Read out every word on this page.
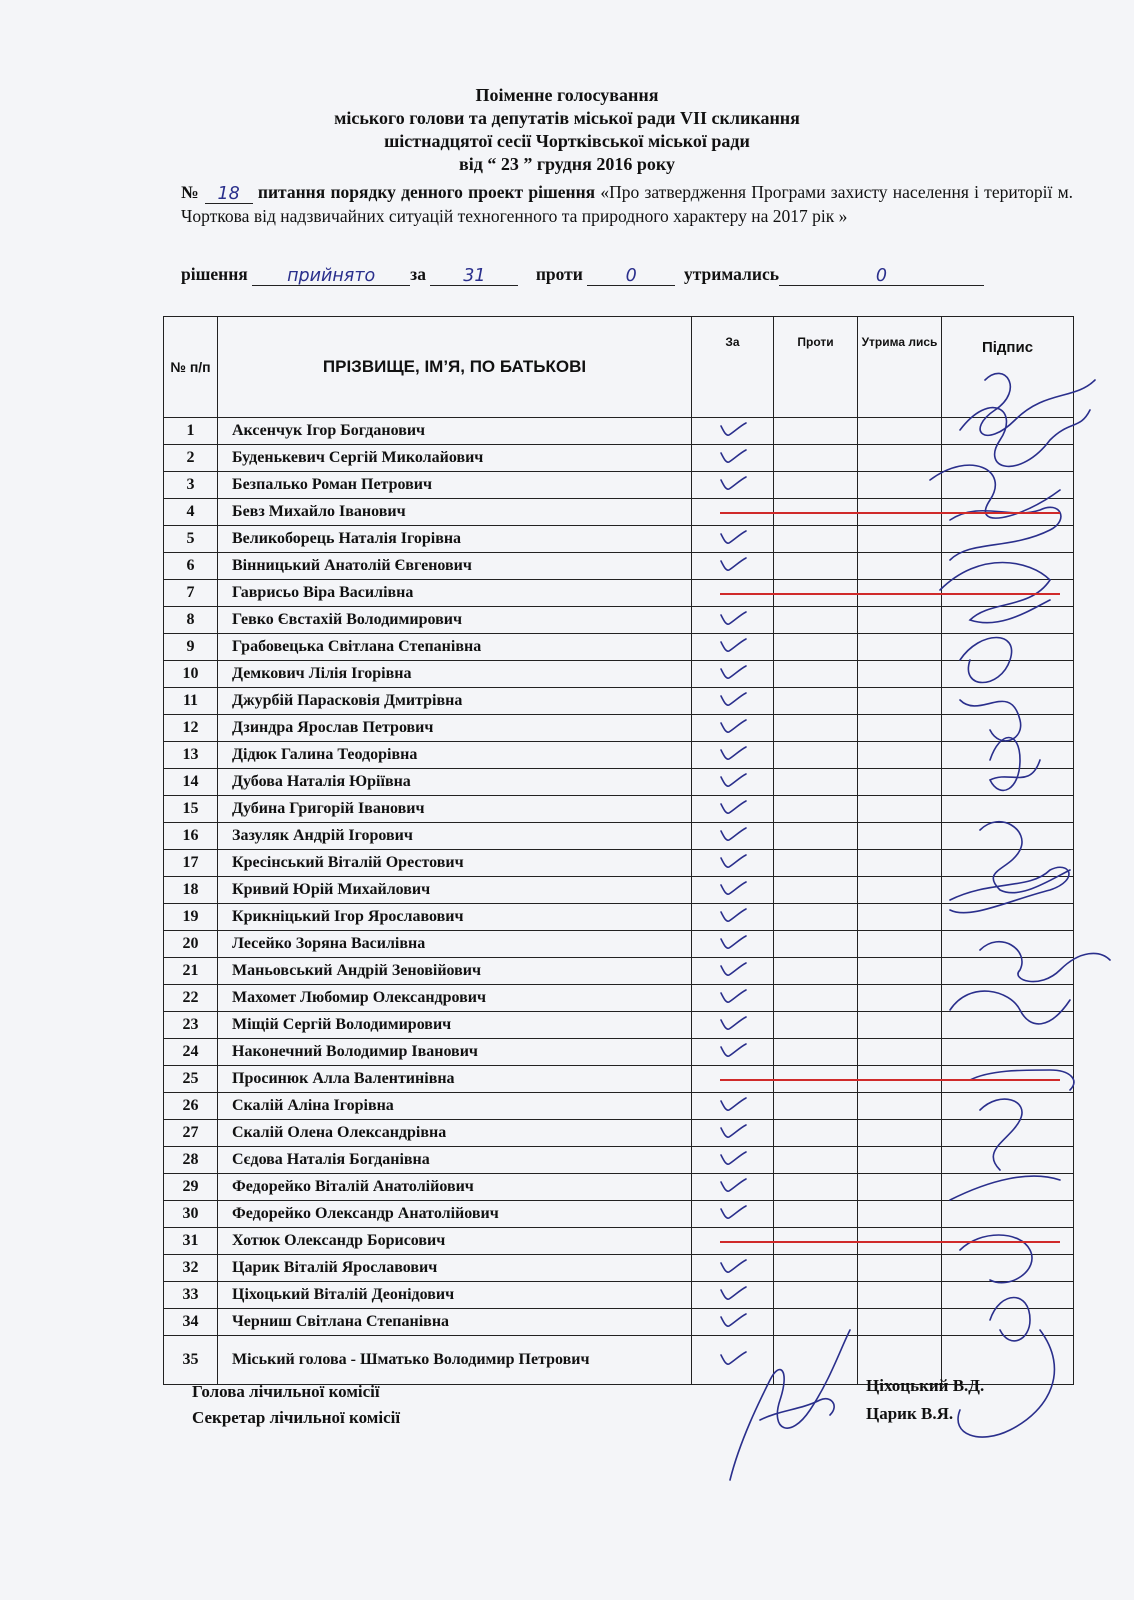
Поіменне голосування
міського голови та депутатів міської ради VII скликання
шістнадцятої сесії Чортківської міської ради
від “ 23 ” грудня 2016 року
№ 18 питання порядку денного проект рішення «Про затвердження Програми захисту населення і території м. Чорткова від надзвичайних ситуацій техногенного та природного характеру на 2017 рік »
рішення прийнято за 31	проти 0	утримались	0
№ п/п	ПРІЗВИЩЕ, ІМ’Я, ПО БАТЬКОВІ	За	Проти	Утрима лись	Підпис
1	Аксенчук Ігор Богданович				
2	Буденькевич Сергій Миколайович				
3	Безпалько Роман Петрович				
4	Бевз Михайло Іванович				
5	Великоборець Наталія Ігорівна				
6	Вінницький Анатолій Євгенович				
7	Гаврисьо Віра Василівна				
8	Гевко Євстахій Володимирович				
9	Грабовецька Світлана Степанівна				
10	Демкович Лілія Ігорівна				
11	Джурбій Парасковія Дмитрівна				
12	Дзиндра Ярослав Петрович				
13	Дідюк Галина Теодорівна				
14	Дубова Наталія Юріївна				
15	Дубина Григорій Іванович				
16	Зазуляк Андрій Ігорович				
17	Кресінський Віталій Орестович				
18	Кривий Юрій Михайлович				
19	Крикніцький Ігор Ярославович				
20	Лесейко Зоряна Василівна				
21	Маньовський Андрій Зеновійович				
22	Махомет Любомир Олександрович				
23	Міщій Сергій Володимирович				
24	Наконечний Володимир Іванович				
25	Просинюк Алла Валентинівна				
26	Скалій Аліна Ігорівна				
27	Скалій Олена Олександрівна				
28	Сєдова Наталія Богданівна				
29	Федорейко Віталій Анатолійович				
30	Федорейко Олександр Анатолійович				
31	Хотюк Олександр Борисович				
32	Царик Віталій Ярославович				
33	Ціхоцький Віталій Деонідович				
34	Черниш Світлана Степанівна				
35	Міський голова - Шматько Володимир Петрович				
Голова лічильної комісії
Секретар лічильної комісії
Ціхоцький В.Д.
Царик В.Я.
